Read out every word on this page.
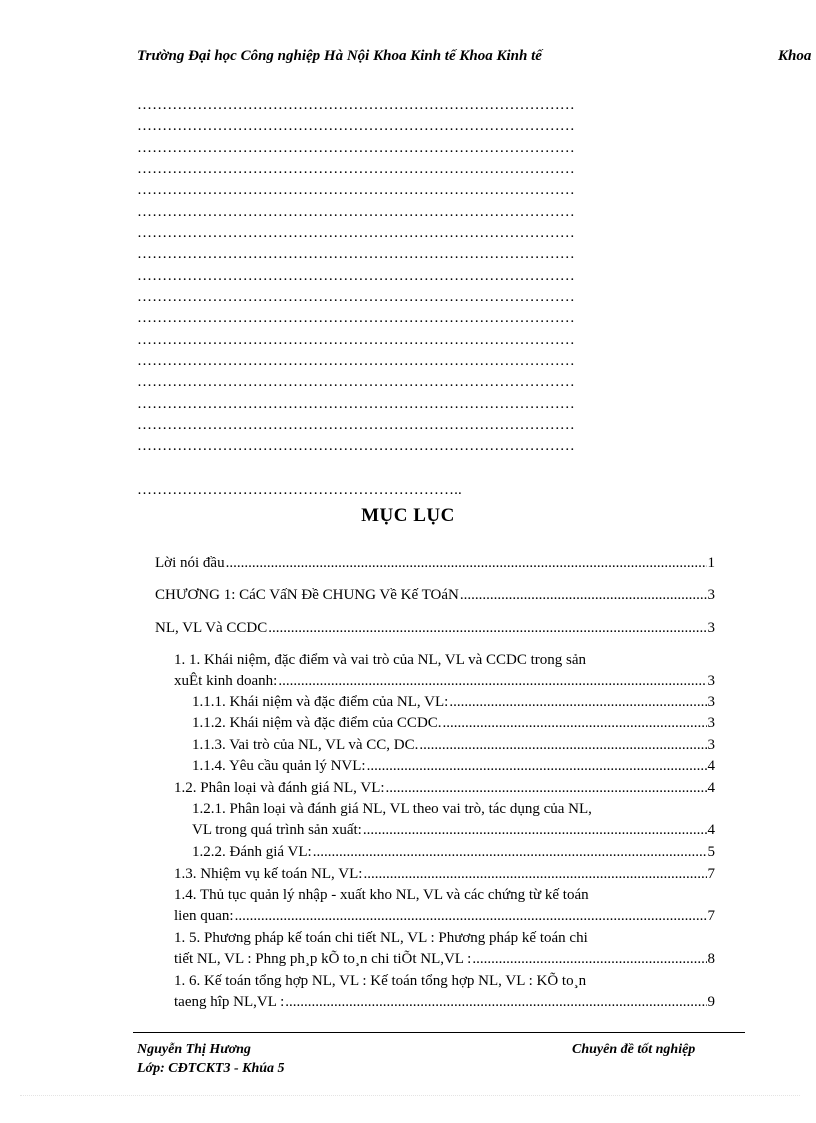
Trường Đại học Công nghiệp Hà Nội Khoa Kinh tế Khoa Kinh tế	Khoa
……………………………………………………………………………
……………………………………………………………………………
……………………………………………………………………………
……………………………………………………………………………
……………………………………………………………………………
……………………………………………………………………………
……………………………………………………………………………
……………………………………………………………………………
……………………………………………………………………………
……………………………………………………………………………
……………………………………………………………………………
……………………………………………………………………………
……………………………………………………………………………
……………………………………………………………………………
……………………………………………………………………………
……………………………………………………………………………
……………………………………………………………………………
………………………………………………………..
MỤC LỤC
Lời nói đầu .....	1
CHƯƠNG 1: CáC VấN Đề CHUNG Về Kế TOáN .....	3
NL, VL Và CCDC .....	3
1. 1. Khái niệm, đặc điểm và vai trò của NL, VL và CCDC trong sản
xuÊt kinh doanh: .....	3
1.1.1. Khái niệm và đặc điểm của NL, VL: .....	3
1.1.2. Khái niệm và đặc điểm của CCDC. .....	3
1.1.3. Vai trò của NL, VL và CC, DC. .....	3
1.1.4. Yêu cầu quản lý NVL: .....	4
1.2. Phân loại và đánh giá NL, VL: .....	4
1.2.1. Phân loại và đánh giá NL, VL theo vai trò, tác dụng của NL,
VL trong quá trình sản xuất: .....	4
1.2.2. Đánh giá VL: .....	5
1.3. Nhiệm vụ kế toán NL, VL: .....	7
1.4. Thủ tục quản lý nhập - xuất kho NL, VL và các chứng từ kế toán
lien quan: .....	7
1. 5. Phương pháp kế toán chi tiết NL, VL : Phương pháp kế toán chi
tiết NL, VL : Phng ph¸p kÕ to¸n chi tiÕt NL,VL : .....	8
1. 6. Kế toán tổng hợp NL, VL : Kế toán tổng hợp NL, VL : KÕ to¸n
taeng hîp NL,VL : .....	9
Nguyễn Thị Hương	Chuyên đề tốt nghiệp
Lớp: CĐTCKT3 - Khúa 5
